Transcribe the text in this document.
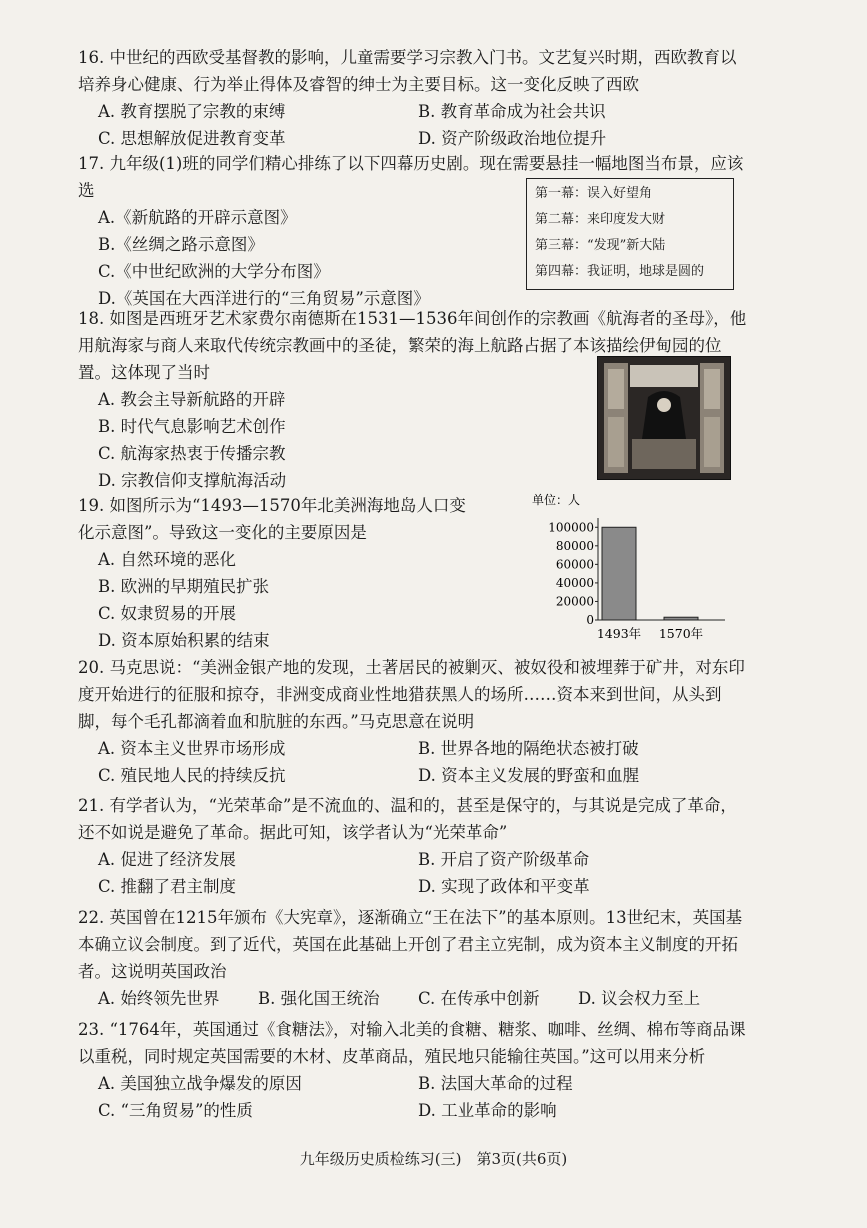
16. 中世纪的西欧受基督教的影响，儿童需要学习宗教入门书。文艺复兴时期，西欧教育以培养身心健康、行为举止得体及睿智的绅士为主要目标。这一变化反映了西欧

A. 教育摆脱了宗教的束缚	B. 教育革命成为社会共识
C. 思想解放促进教育变革	D. 资产阶级政治地位提升

17. 九年级(1)班的同学们精心排练了以下四幕历史剧。现在需要悬挂一幅地图当布景，应该选

A.《新航路的开辟示意图》
B.《丝绸之路示意图》
C.《中世纪欧洲的大学分布图》
D.《英国在大西洋进行的“三角贸易”示意图》
第一幕：误入好望角
第二幕：来印度发大财
第三幕：“发现”新大陆
第四幕：我证明，地球是圆的

18. 如图是西班牙艺术家费尔南德斯在1531—1536年间创作的宗教画《航海者的圣母》，他用航海家与商人来取代传统宗教画中的圣徒，繁荣的海上航路占据了本该描绘伊甸园的位置。这体现了当时

A. 教会主导新航路的开辟
B. 时代气息影响艺术创作
C. 航海家热衷于传播宗教
D. 宗教信仰支撑航海活动

19. 如图所示为“1493—1570年北美洲海地岛人口变化示意图”。导致这一变化的主要原因是

A. 自然环境的恶化
B. 欧洲的早期殖民扩张
C. 奴隶贸易的开展
D. 资本原始积累的结束
单位：人
100000
80000
60000
40000
20000
0
1493年 1570年

20. 马克思说：“美洲金银产地的发现，土著居民的被剿灭、被奴役和被埋葬于矿井，对东印度开始进行的征服和掠夺，非洲变成商业性地猎获黑人的场所……资本来到世间，从头到脚，每个毛孔都滴着血和肮脏的东西。”马克思意在说明

A. 资本主义世界市场形成	B. 世界各地的隔绝状态被打破
C. 殖民地人民的持续反抗	D. 资本主义发展的野蛮和血腥

21. 有学者认为，“光荣革命”是不流血的、温和的，甚至是保守的，与其说是完成了革命，还不如说是避免了革命。据此可知，该学者认为“光荣革命”

A. 促进了经济发展	B. 开启了资产阶级革命
C. 推翻了君主制度	D. 实现了政体和平变革

22. 英国曾在1215年颁布《大宪章》，逐渐确立“王在法下”的基本原则。13世纪末，英国基本确立议会制度。到了近代，英国在此基础上开创了君主立宪制，成为资本主义制度的开拓者。这说明英国政治

A. 始终领先世界	B. 强化国王统治	C. 在传承中创新	D. 议会权力至上

23. “1764年，英国通过《食糖法》，对输入北美的食糖、糖浆、咖啡、丝绸、棉布等商品课以重税，同时规定英国需要的木材、皮革商品，殖民地只能输往英国。”这可以用来分析

A. 美国独立战争爆发的原因	B. 法国大革命的过程
C. “三角贸易”的性质	D. 工业革命的影响
九年级历史质检练习(三)　第3页(共6页)
